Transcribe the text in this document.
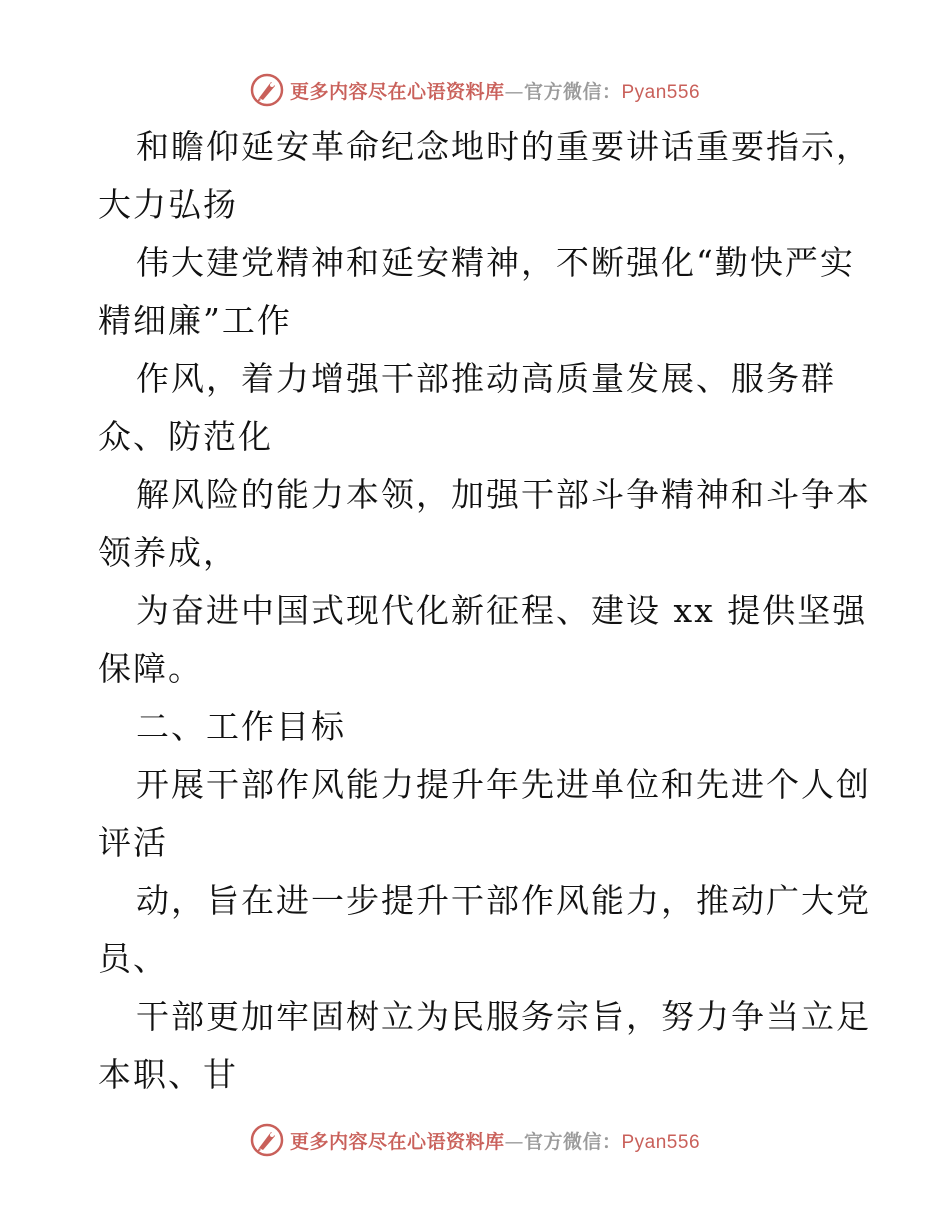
更多内容尽在心语资料库—官方微信：Pyan556
和瞻仰延安革命纪念地时的重要讲话重要指示，
大力弘扬
伟大建党精神和延安精神，不断强化“勤快严实
精细廉”工作
作风，着力增强干部推动高质量发展、服务群
众、防范化
解风险的能力本领，加强干部斗争精神和斗争本
领养成，
为奋进中国式现代化新征程、建设 xx 提供坚强
保障。
二、工作目标
开展干部作风能力提升年先进单位和先进个人创
评活
动，旨在进一步提升干部作风能力，推动广大党
员、
干部更加牢固树立为民服务宗旨，努力争当立足
本职、甘
更多内容尽在心语资料库—官方微信：Pyan556
